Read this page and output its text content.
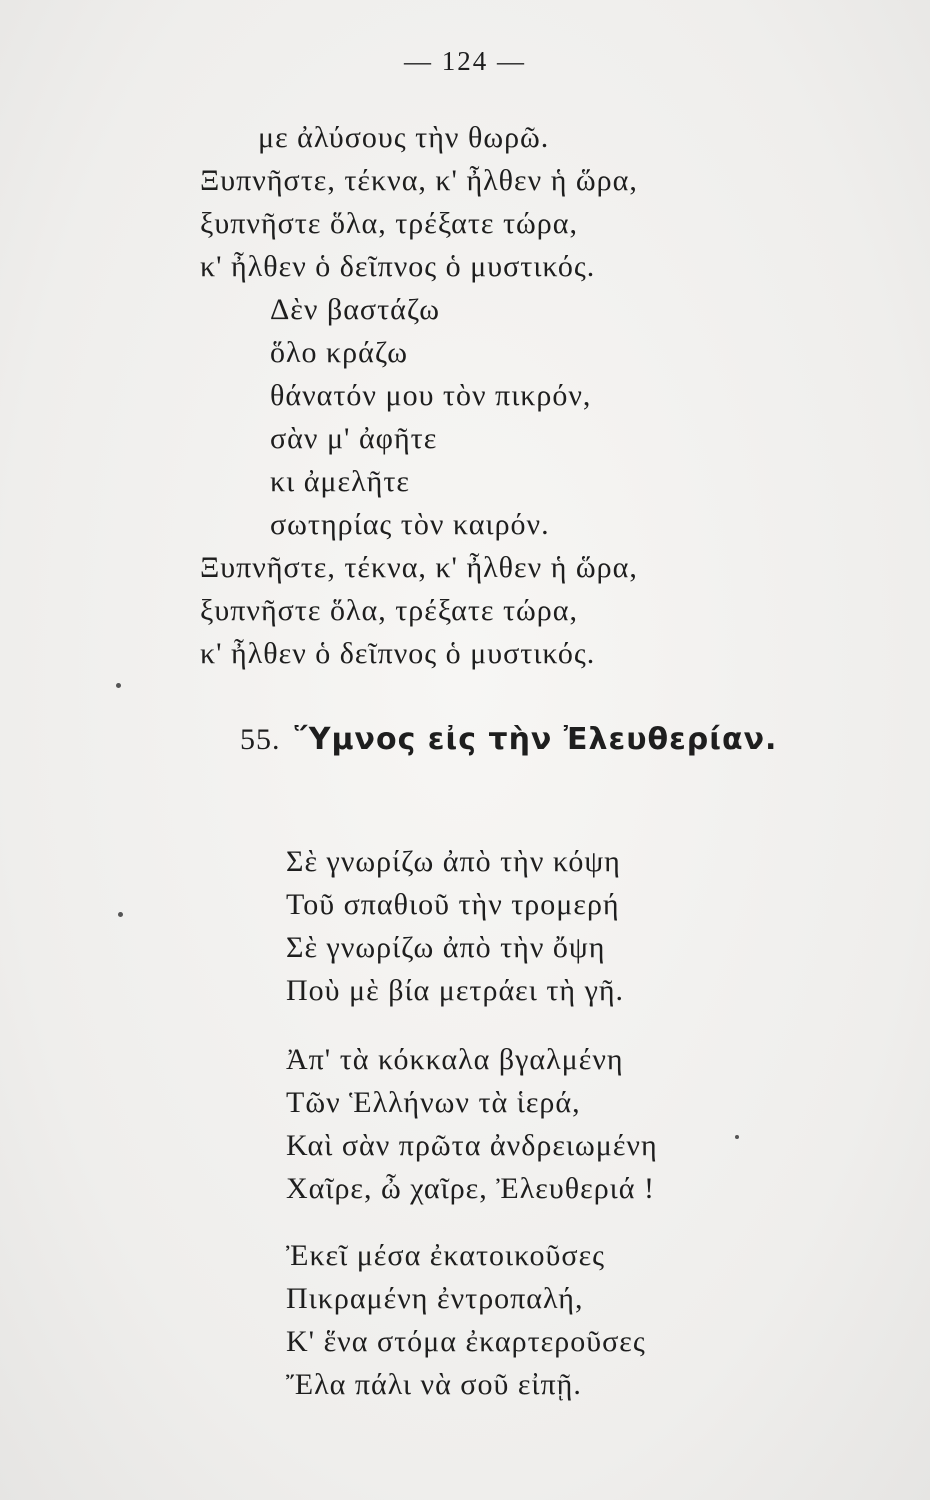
— 124 —
με ἀλύσους τὴν θωρῶ.
Ξυπνῆστε, τέκνα, κ' ἦλθεν ἡ ὥρα,
ξυπνῆστε ὅλα, τρέξατε τώρα,
κ' ἦλθεν ὁ δεῖπνος ὁ μυστικός.
Δὲν βαστάζω
ὅλο κράζω
θάνατόν μου τὸν πικρόν,
σὰν μ' ἀφῆτε
κι ἀμελῆτε
σωτηρίας τὸν καιρόν.
Ξυπνῆστε, τέκνα, κ' ἦλθεν ἡ ὥρα,
ξυπνῆστε ὅλα, τρέξατε τώρα,
κ' ἦλθεν ὁ δεῖπνος ὁ μυστικός.
55. Ὕμνος εἰς τὴν Ἐλευθερίαν.
Σὲ γνωρίζω ἀπὸ τὴν κόψη
Τοῦ σπαθιοῦ τὴν τρομερή
Σὲ γνωρίζω ἀπὸ τὴν ὄψη
Ποὺ μὲ βία μετράει τὴ γῆ.
Ἀπ' τὰ κόκκαλα βγαλμένη
Τῶν Ἑλλήνων τὰ ἱερά,
Καὶ σὰν πρῶτα ἀνδρειωμένη
Χαῖρε, ὦ χαῖρε, Ἐλευθεριά !
Ἐκεῖ μέσα ἐκατοικοῦσες
Πικραμένη ἐντροπαλή,
Κ' ἕνα στόμα ἐκαρτεροῦσες
Ἔλα πάλι νὰ σοῦ εἰπῇ.
